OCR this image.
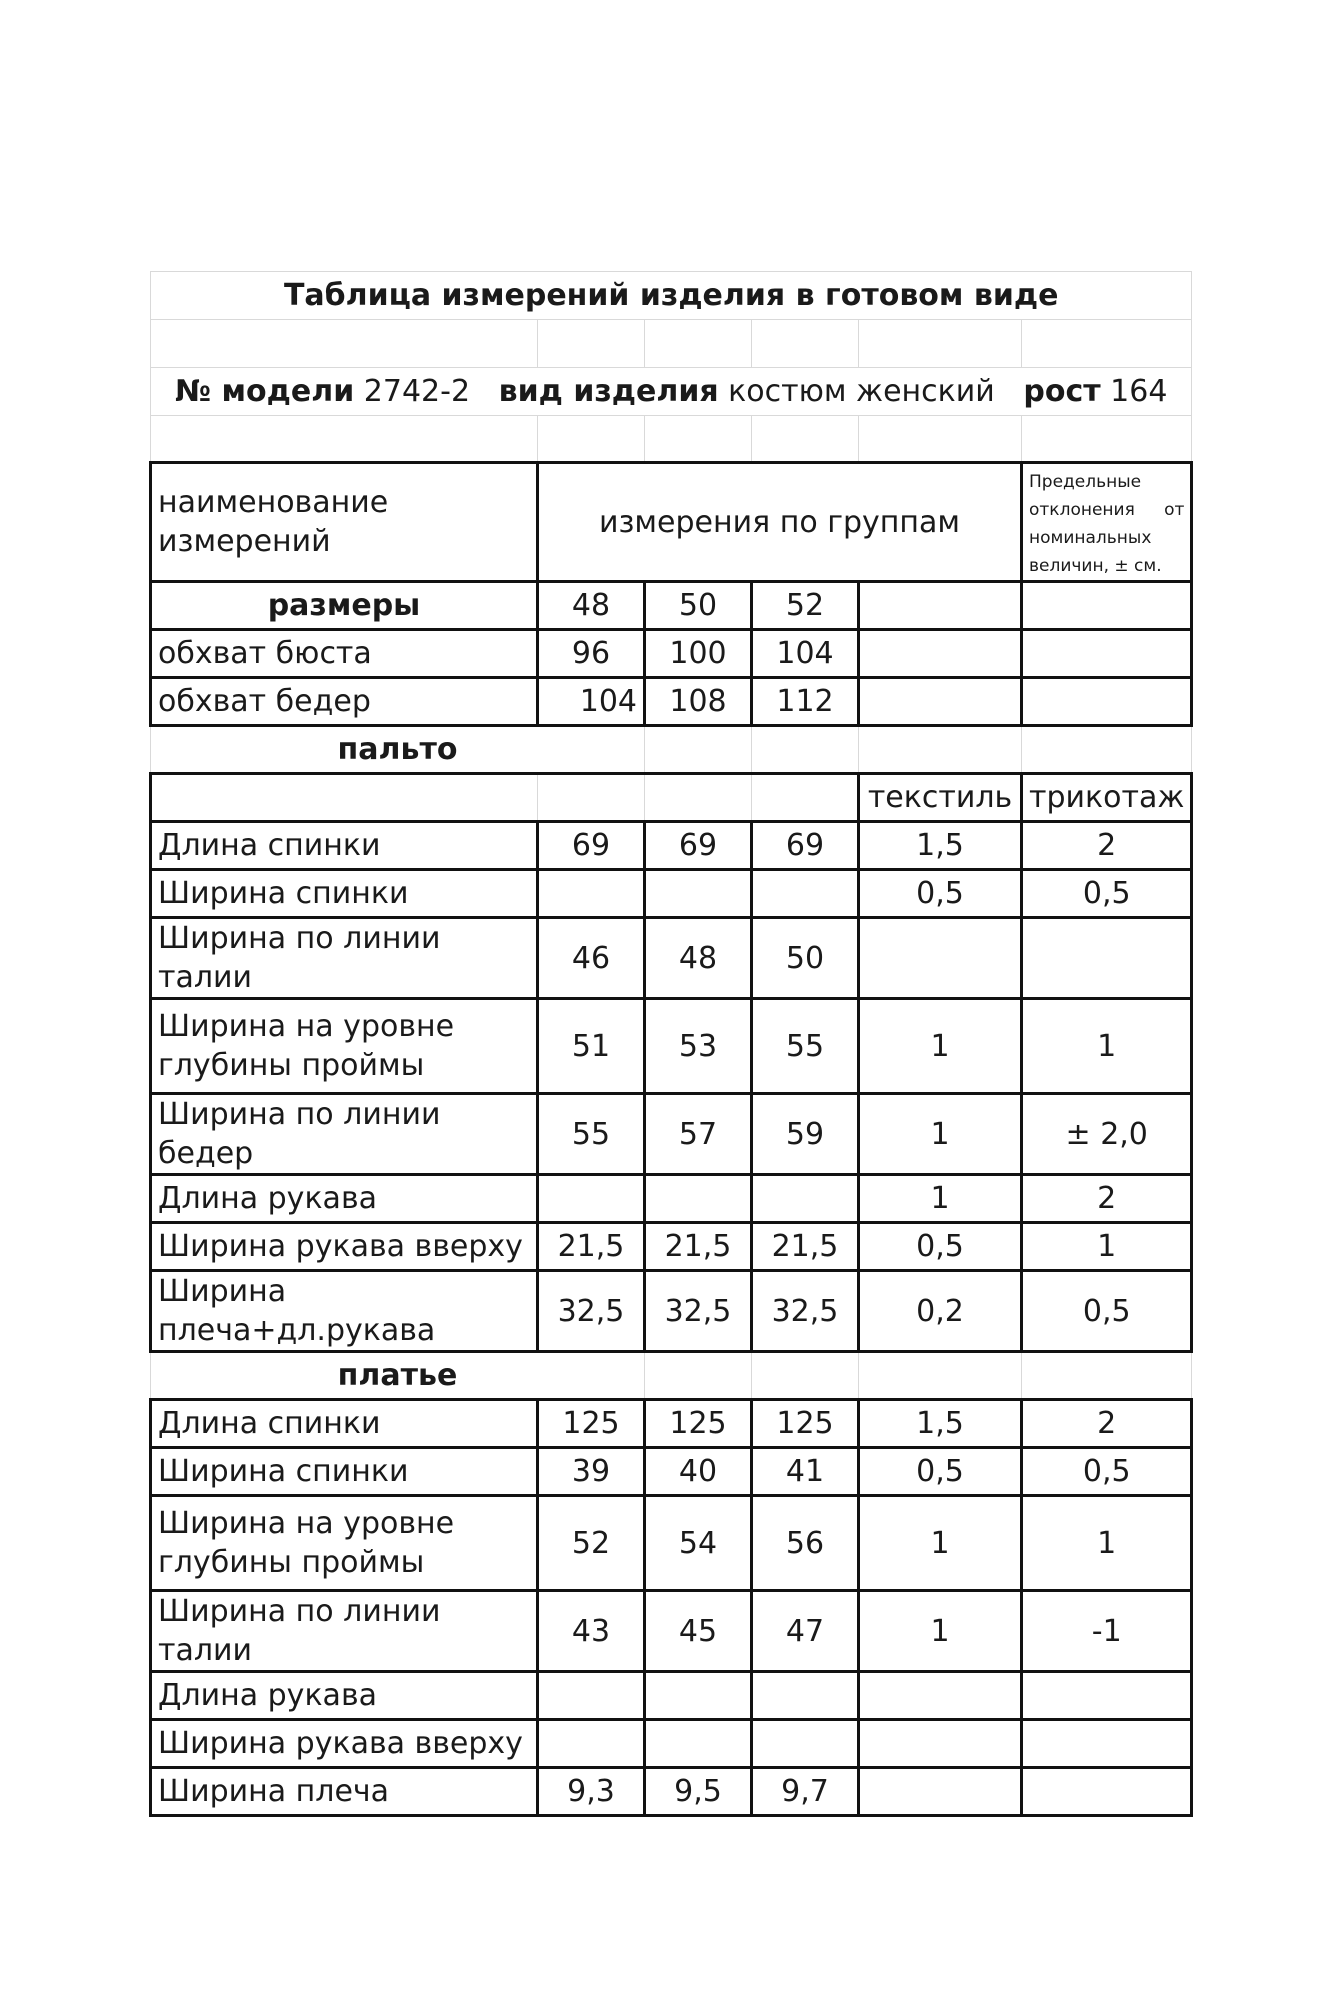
Таблица измерений изделия в готовом виде					

№ модели 2742-2 вид изделия костюм женский рост 164					

наименование измерений	измерения по группам				Предельные отклонения от номинальных величин, ± см.
размеры	48	50	52		
обхват бюста	96	100	104		
обхват бедер	104	108	112		
пальто					
				текстиль	трикотаж
Длина спинки	69	69	69	1,5	2
Ширина спинки				0,5	0,5
Ширина по линии талии	46	48	50		
Ширина на уровне глубины проймы	51	53	55	1	1
Ширина по линии бедер	55	57	59	1	± 2,0
Длина рукава				1	2
Ширина рукава вверху	21,5	21,5	21,5	0,5	1
Ширина плеча+дл.рукава	32,5	32,5	32,5	0,2	0,5
платье					
Длина спинки	125	125	125	1,5	2
Ширина спинки	39	40	41	0,5	0,5
Ширина на уровне глубины проймы	52	54	56	1	1
Ширина по линии талии	43	45	47	1	-1
Длина рукава					
Ширина рукава вверху					
Ширина плеча	9,3	9,5	9,7		
